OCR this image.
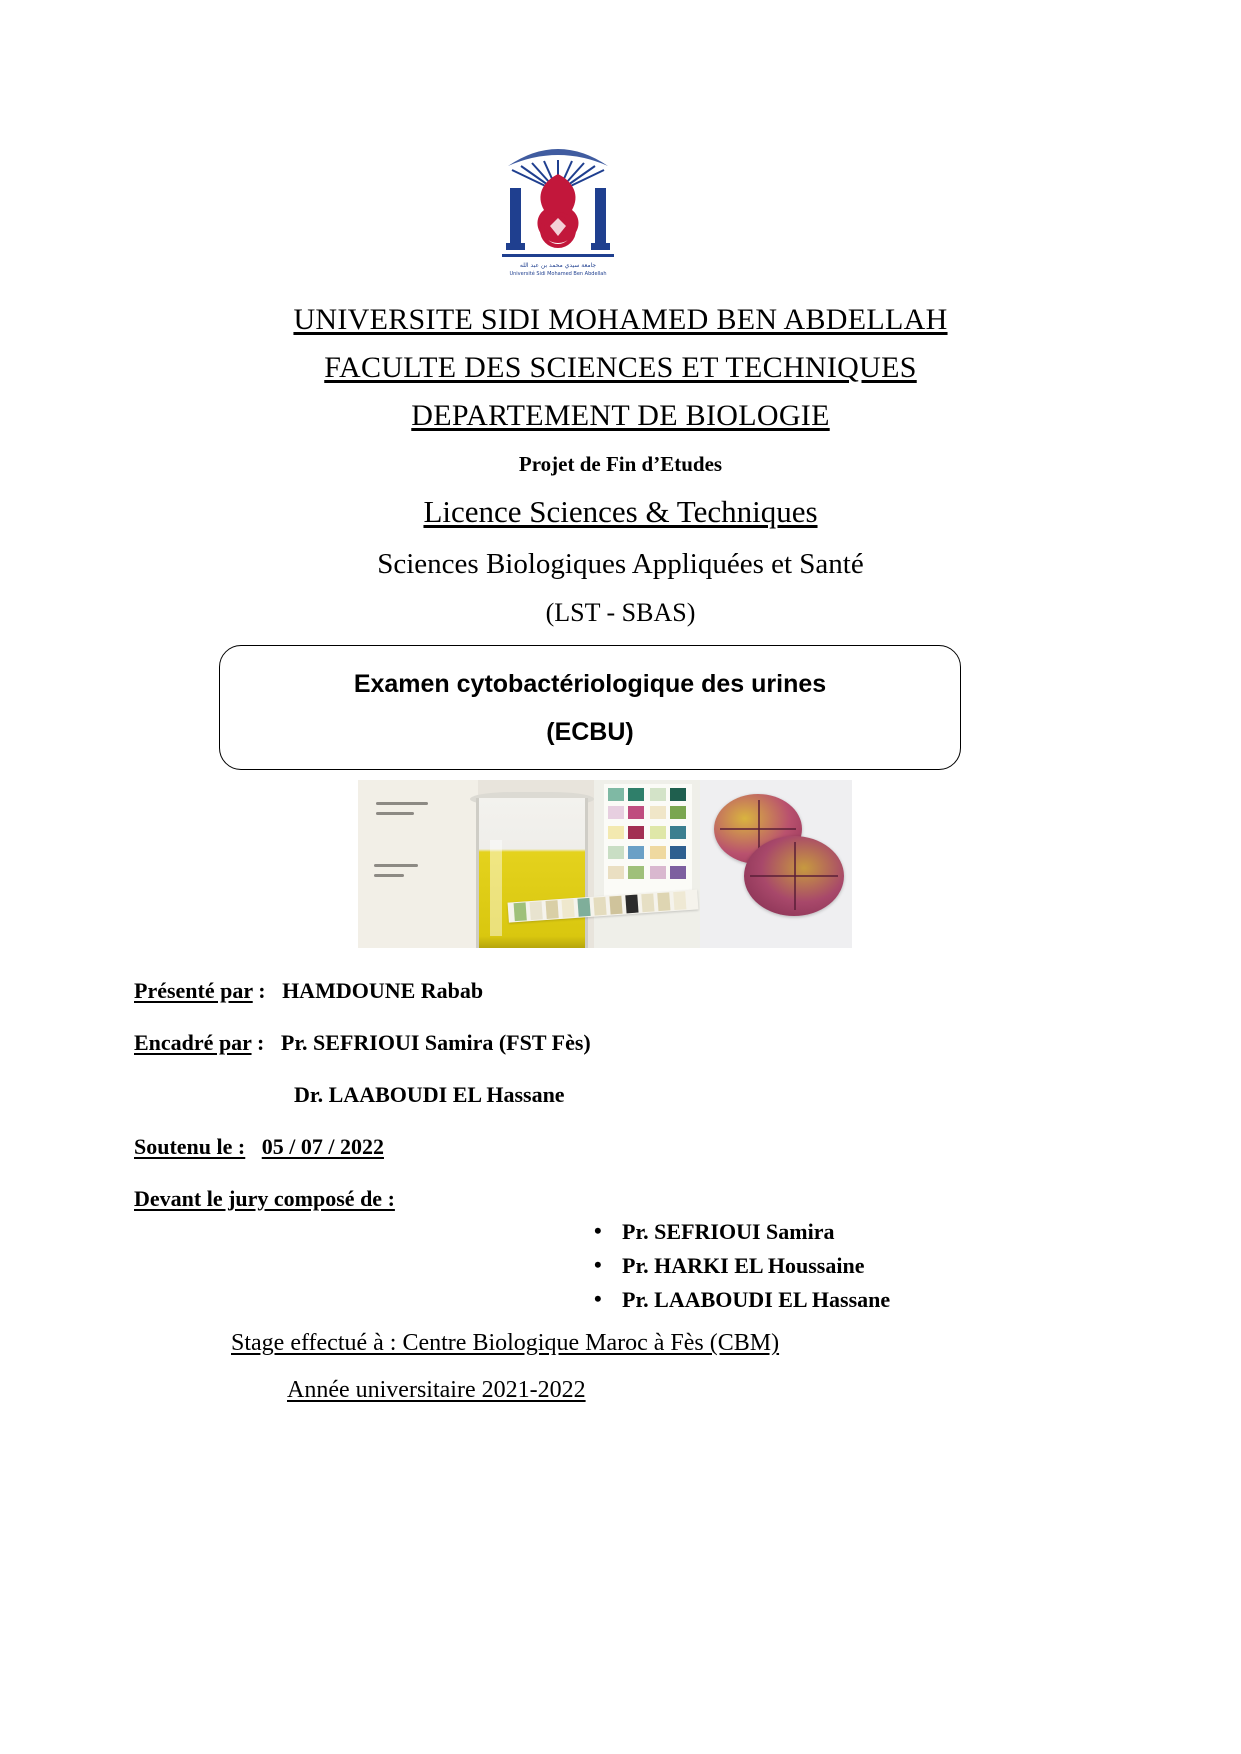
جامعة سيدي محمد بن عبد الله
Université Sidi Mohamed Ben Abdellah
UNIVERSITE SIDI MOHAMED BEN ABDELLAH
FACULTE DES SCIENCES ET TECHNIQUES
DEPARTEMENT DE BIOLOGIE
Projet de Fin d’Etudes
Licence Sciences & Techniques
Sciences Biologiques Appliquées et Santé
(LST - SBAS)
Examen cytobactériologique des urines
(ECBU)
Présenté par : HAMDOUNE Rabab
Encadré par : Pr. SEFRIOUI Samira (FST Fès)
Dr. LAABOUDI EL Hassane
Soutenu le : 05 / 07 / 2022
Devant le jury composé de :
• Pr. SEFRIOUI Samira
• Pr. HARKI EL Houssaine
• Pr. LAABOUDI EL Hassane
Stage effectué à : Centre Biologique Maroc à Fès (CBM)
Année universitaire 2021-2022
